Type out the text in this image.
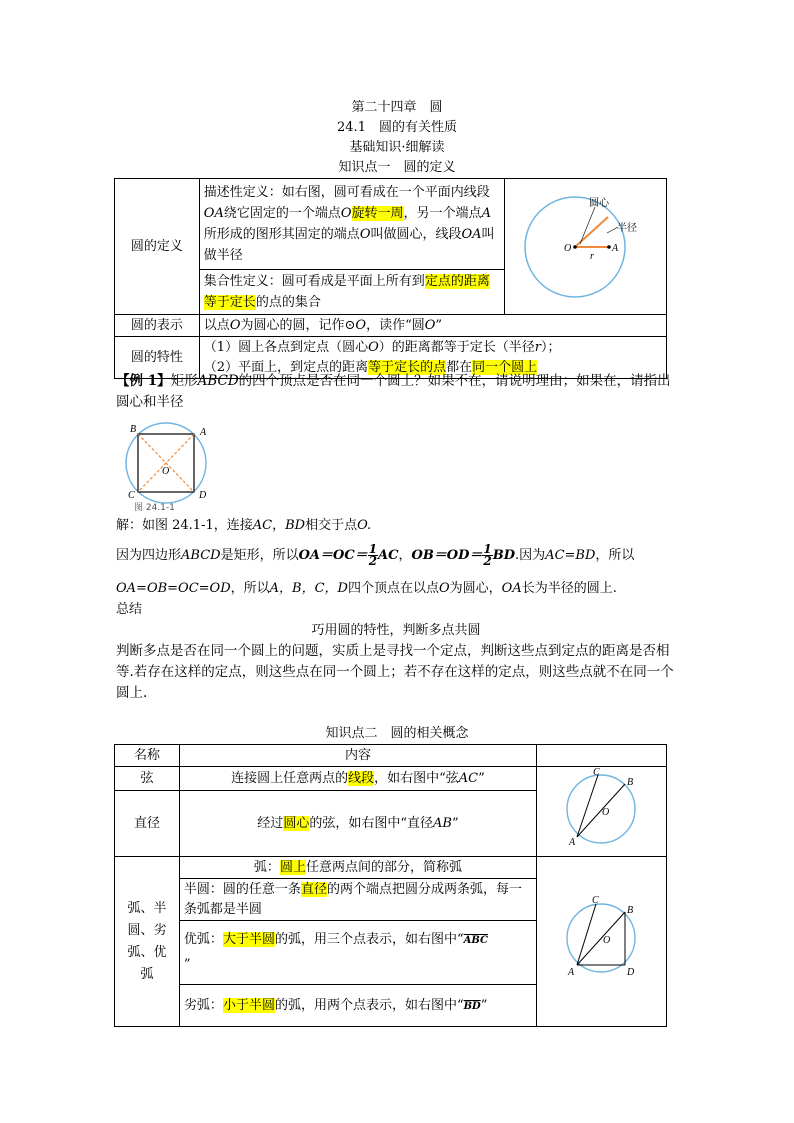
第二十四章　圆
24.1　圆的有关性质
基础知识·细解读
知识点一　圆的定义
圆的定义	描述性定义：如右图，圆可看成在一个平面内线段OA绕它固定的一个端点O旋转一周，另一个端点A所形成的图形其固定的端点O叫做圆心，线段OA叫做半径	圆心
半径
O
r
A

	集合性定义：圆可看成是平面上所有到定点的距离等于定长的点的集合	
圆的表示	以点O为圆心的圆，记作⊙O，读作“圆O”	
圆的特性	（1）圆上各点到定点（圆心O）的距离都等于定长（半径r）；
（2）平面上，到定点的距离等于定长的点都在同一个圆上	
【例 1】矩形ABCD的四个顶点是否在同一个圆上？如果不在，请说明理由；如果在，请指出圆心和半径
B	A
C	D
O
图 24.1-1
解：如图 24.1-1，连接AC，BD相交于点O.
因为四边形ABCD是矩形，所以$OA=OC= \frac{1}{2}AC$，$OB=OD= \frac{1}{2}BD$.因为AC=BD，所以
OA=OB=OC=OD，所以A，B，C，D四个顶点在以点O为圆心，OA长为半径的圆上.
总结
巧用圆的特性，判断多点共圆
判断多点是否在同一个圆上的问题，实质上是寻找一个定点，判断这些点到定点的距离是否相等.若存在这样的定点，则这些点在同一个圆上；若不存在这样的定点，则这些点就不在同一个圆上.
知识点二　圆的相关概念
名称	内容	
弦	连接圆上任意两点的线段，如右图中“弦AC”	C
B
O
A

直径	经过圆心的弦，如右图中“直径AB”	
弧、半圆、劣弧、优弧	弧：圆上任意两点间的部分，简称弧	C
B
O
A D

	半圆：圆的任意一条直径的两个端点把圆分成两条弧，每一条弧都是半圆	
	优弧：大于半圆的弧，用三个点表示，如右图中“$\overline{ABC}$
”	
	劣弧：小于半圆的弧，用两个点表示，如右图中“$\overline{BD}$”	
